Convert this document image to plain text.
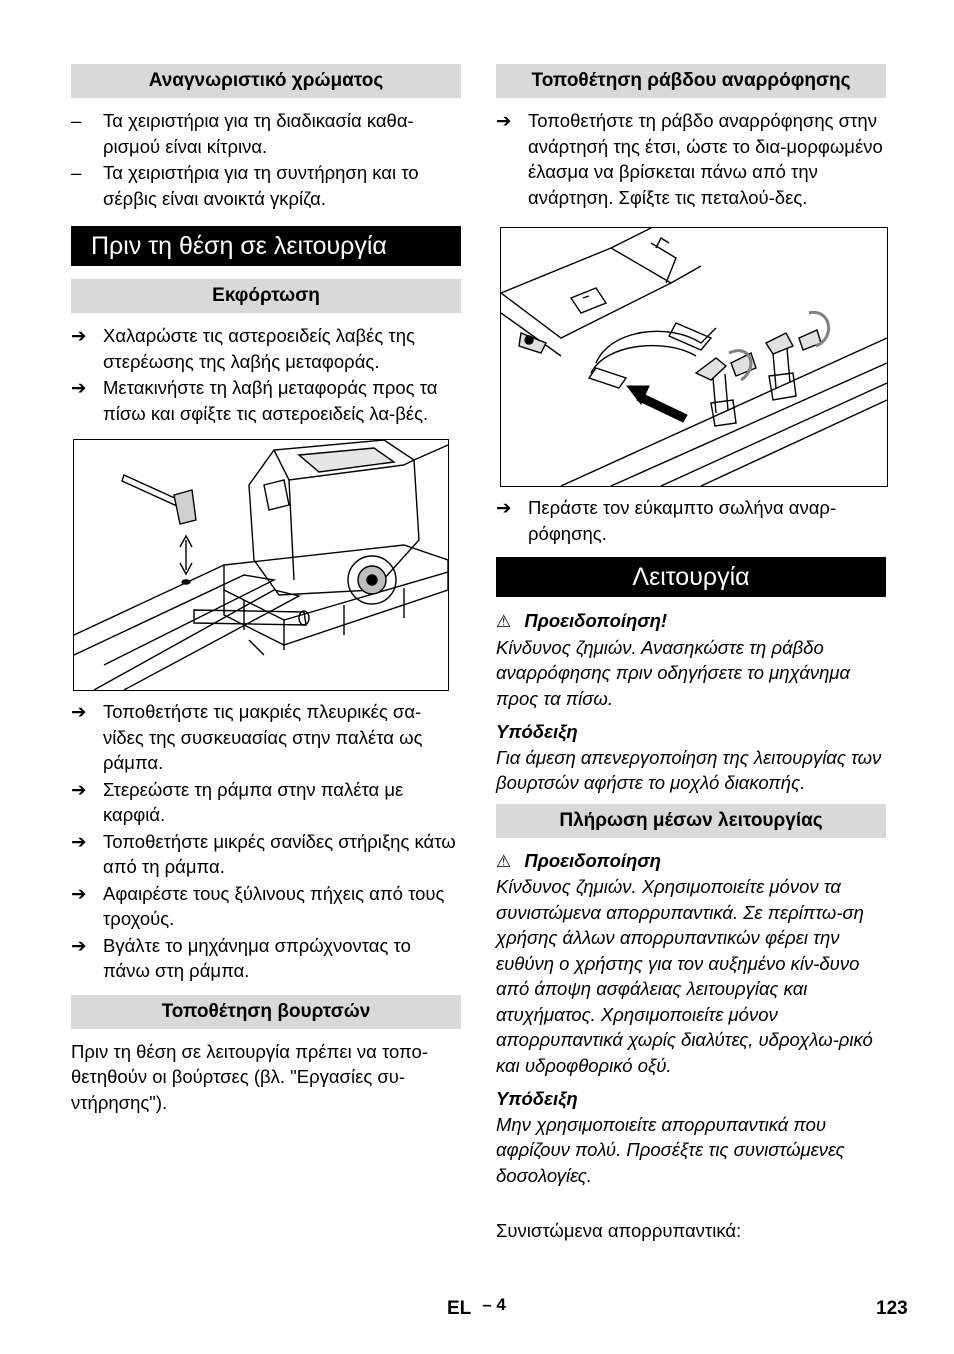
Αναγνωριστικό χρώματος
–	Τα χειριστήρια για τη διαδικασία καθα-ρισμού είναι κίτρινα.
–	Τα χειριστήρια για τη συντήρηση και το σέρβις είναι ανοικτά γκρίζα.
Πριν τη θέση σε λειτουργία
Εκφόρτωση
➔ Χαλαρώστε τις αστεροειδείς λαβές της στερέωσης της λαβής μεταφοράς.
➔ Μετακινήστε τη λαβή μεταφοράς προς τα πίσω και σφίξτε τις αστεροειδείς λα-βές.
➔ Τοποθετήστε τις μακριές πλευρικές σα-νίδες της συσκευασίας στην παλέτα ως ράμπα.
➔ Στερεώστε τη ράμπα στην παλέτα με καρφιά.
➔ Τοποθετήστε μικρές σανίδες στήριξης κάτω από τη ράμπα.
➔ Αφαιρέστε τους ξύλινους πήχεις από τους τροχούς.
➔ Βγάλτε το μηχάνημα σπρώχνοντας το πάνω στη ράμπα.
Τοποθέτηση βουρτσών
Πριν τη θέση σε λειτουργία πρέπει να τοπο-θετηθούν οι βούρτσες (βλ. "Εργασίες συ-ντήρησης").
Τοποθέτηση ράβδου αναρρόφησης
➔ Τοποθετήστε τη ράβδο αναρρόφησης στην ανάρτησή της έτσι, ώστε το δια-μορφωμένο έλασμα να βρίσκεται πάνω από την ανάρτηση. Σφίξτε τις πεταλού-δες.
➔ Περάστε τον εύκαμπτο σωλήνα αναρ-ρόφησης.
Λειτουργία
⚠ Προειδοποίηση!
Κίνδυνος ζημιών. Ανασηκώστε τη ράβδο αναρρόφησης πριν οδηγήσετε το μηχάνημα προς τα πίσω.
Υπόδειξη
Για άμεση απενεργοποίηση της λειτουργίας των βουρτσών αφήστε το μοχλό διακοπής.
Πλήρωση μέσων λειτουργίας
⚠ Προειδοποίηση
Κίνδυνος ζημιών. Χρησιμοποιείτε μόνον τα συνιστώμενα απορρυπαντικά. Σε περίπτω-ση χρήσης άλλων απορρυπαντικών φέρει την ευθύνη ο χρήστης για τον αυξημένο κίν-δυνο από άποψη ασφάλειας λειτουργίας και ατυχήματος. Χρησιμοποιείτε μόνον απορρυπαντικά χωρίς διαλύτες, υδροχλω-ρικό και υδροφθορικό οξύ.
Υπόδειξη
Μην χρησιμοποιείτε απορρυπαντικά που αφρίζουν πολύ. Προσέξτε τις συνιστώμενες δοσολογίες.
Συνιστώμενα απορρυπαντικά:
EL – 4	123
